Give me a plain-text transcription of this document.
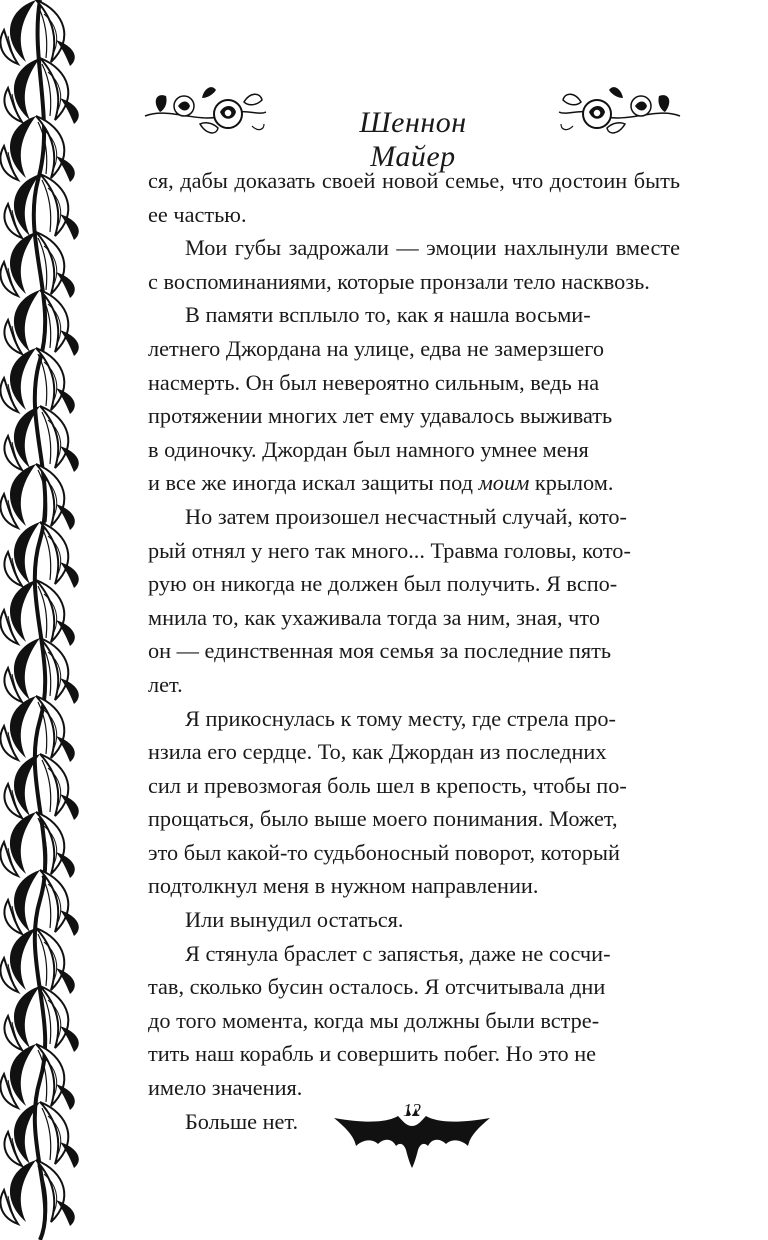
Шеннон Майер

ся, дабы доказать своей новой семье, что достоин быть ее частью.

Мои губы задрожали — эмоции нахлынули вместе с воспоминаниями, которые пронзали тело насквозь.

В памяти всплыло то, как я нашла восьми-
летнего Джордана на улице, едва не замерзшего
насмерть. Он был невероятно сильным, ведь на
протяжении многих лет ему удавалось выживать
в одиночку. Джордан был намного умнее меня
и все же иногда искал защиты под моим крылом.

Но затем произошел несчастный случай, кото-
рый отнял у него так много... Травма головы, кото-
рую он никогда не должен был получить. Я вспо-
мнила то, как ухаживала тогда за ним, зная, что
он — единственная моя семья за последние пять
лет.

Я прикоснулась к тому месту, где стрела про-
нзила его сердце. То, как Джордан из последних
сил и превозмогая боль шел в крепость, чтобы по-
прощаться, было выше моего понимания. Может,
это был какой-то судьбоносный поворот, который
подтолкнул меня в нужном направлении.

Или вынудил остаться.

Я стянула браслет с запястья, даже не сосчи-
тав, сколько бусин осталось. Я отсчитывала дни
до того момента, когда мы должны были встре-
тить наш корабль и совершить побег. Но это не
имело значения.

Больше нет.	12
